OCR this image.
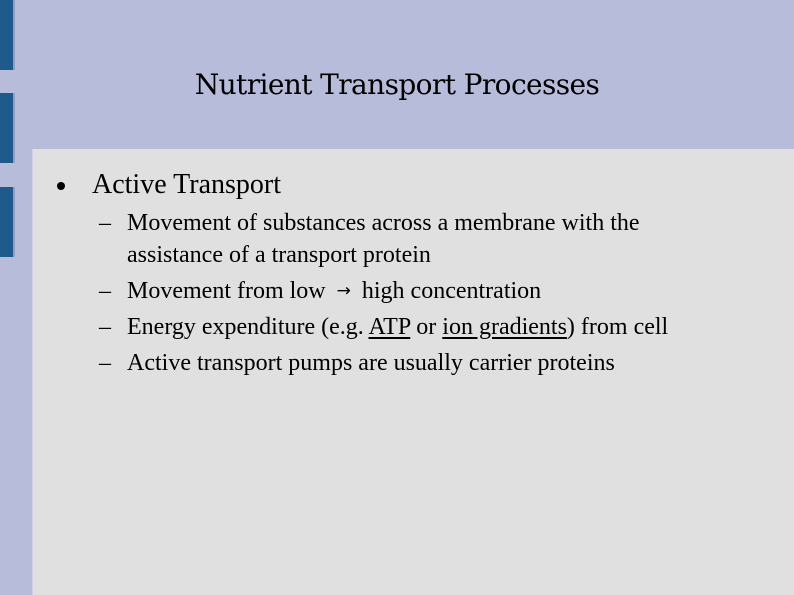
Nutrient Transport Processes
Active Transport
– Movement of substances across a membrane with the assistance of a transport protein
– Movement from low → high concentration
– Energy expenditure (e.g. ATP or ion gradients) from cell
– Active transport pumps are usually carrier proteins
